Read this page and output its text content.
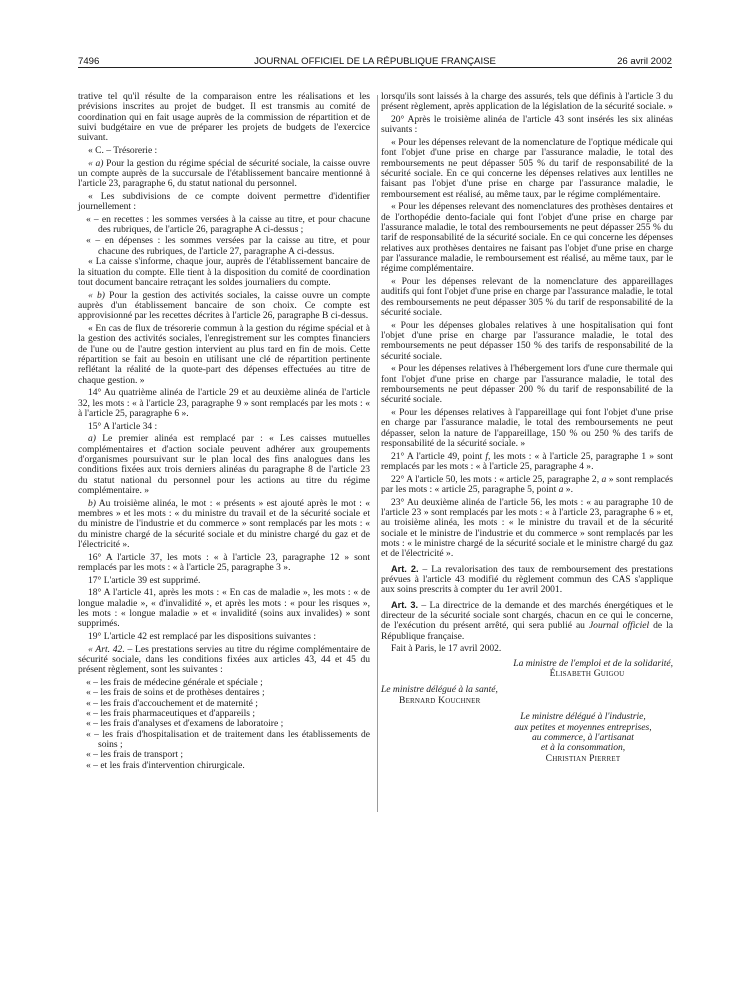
7496	JOURNAL OFFICIEL DE LA RÉPUBLIQUE FRANÇAISE	26 avril 2002

trative tel qu'il résulte de la comparaison entre les réalisations et les prévisions inscrites au projet de budget. Il est transmis au comité de coordination qui en fait usage auprès de la commission de répartition et de suivi budgétaire en vue de préparer les projets de budgets de l'exercice suivant.

« C. – Trésorerie :

« a) Pour la gestion du régime spécial de sécurité sociale, la caisse ouvre un compte auprès de la succursale de l'établissement bancaire mentionné à l'article 23, paragraphe 6, du statut national du personnel.

« Les subdivisions de ce compte doivent permettre d'identifier journellement :

« – en recettes : les sommes versées à la caisse au titre, et pour chacune des rubriques, de l'article 26, paragraphe A ci-dessus ;

« – en dépenses : les sommes versées par la caisse au titre, et pour chacune des rubriques, de l'article 27, paragraphe A ci-dessus.

« La caisse s'informe, chaque jour, auprès de l'établissement bancaire de la situation du compte. Elle tient à la disposition du comité de coordination tout document bancaire retraçant les soldes journaliers du compte.

« b) Pour la gestion des activités sociales, la caisse ouvre un compte auprès d'un établissement bancaire de son choix. Ce compte est approvisionné par les recettes décrites à l'article 26, paragraphe B ci-dessus.

« En cas de flux de trésorerie commun à la gestion du régime spécial et à la gestion des activités sociales, l'enregistrement sur les comptes financiers de l'une ou de l'autre gestion intervient au plus tard en fin de mois. Cette répartition se fait au besoin en utilisant une clé de répartition pertinente reflétant la réalité de la quote-part des dépenses effectuées au titre de chaque gestion. »

14° Au quatrième alinéa de l'article 29 et au deuxième alinéa de l'article 32, les mots : « à l'article 23, paragraphe 9 » sont remplacés par les mots : « à l'article 25, paragraphe 6 ».

15° A l'article 34 :

a) Le premier alinéa est remplacé par : « Les caisses mutuelles complémentaires et d'action sociale peuvent adhérer aux groupements d'organismes poursuivant sur le plan local des fins analogues dans les conditions fixées aux trois derniers alinéas du paragraphe 8 de l'article 23 du statut national du personnel pour les actions au titre du régime complémentaire. »

b) Au troisième alinéa, le mot : « présents » est ajouté après le mot : « membres » et les mots : « du ministre du travail et de la sécurité sociale et du ministre de l'industrie et du commerce » sont remplacés par les mots : « du ministre chargé de la sécurité sociale et du ministre chargé du gaz et de l'électricité ».

16° A l'article 37, les mots : « à l'article 23, paragraphe 12 » sont remplacés par les mots : « à l'article 25, paragraphe 3 ».

17° L'article 39 est supprimé.

18° A l'article 41, après les mots : « En cas de maladie », les mots : « de longue maladie », « d'invalidité », et après les mots : « pour les risques », les mots : « longue maladie » et « invalidité (soins aux invalides) » sont supprimés.

19° L'article 42 est remplacé par les dispositions suivantes :

« Art. 42. – Les prestations servies au titre du régime complémentaire de sécurité sociale, dans les conditions fixées aux articles 43, 44 et 45 du présent règlement, sont les suivantes :

« – les frais de médecine générale et spéciale ;

« – les frais de soins et de prothèses dentaires ;

« – les frais d'accouchement et de maternité ;

« – les frais pharmaceutiques et d'appareils ;

« – les frais d'analyses et d'examens de laboratoire ;

« – les frais d'hospitalisation et de traitement dans les établissements de soins ;

« – les frais de transport ;

« – et les frais d'intervention chirurgicale.

lorsqu'ils sont laissés à la charge des assurés, tels que définis à l'article 3 du présent règlement, après application de la législation de la sécurité sociale. »

20° Après le troisième alinéa de l'article 43 sont insérés les six alinéas suivants :

« Pour les dépenses relevant de la nomenclature de l'optique médicale qui font l'objet d'une prise en charge par l'assurance maladie, le total des remboursements ne peut dépasser 505 % du tarif de responsabilité de la sécurité sociale. En ce qui concerne les dépenses relatives aux lentilles ne faisant pas l'objet d'une prise en charge par l'assurance maladie, le remboursement est réalisé, au même taux, par le régime complémentaire.

« Pour les dépenses relevant des nomenclatures des prothèses dentaires et de l'orthopédie dento-faciale qui font l'objet d'une prise en charge par l'assurance maladie, le total des remboursements ne peut dépasser 255 % du tarif de responsabilité de la sécurité sociale. En ce qui concerne les dépenses relatives aux prothèses dentaires ne faisant pas l'objet d'une prise en charge par l'assurance maladie, le remboursement est réalisé, au même taux, par le régime complémentaire.

« Pour les dépenses relevant de la nomenclature des appareillages auditifs qui font l'objet d'une prise en charge par l'assurance maladie, le total des remboursements ne peut dépasser 305 % du tarif de responsabilité de la sécurité sociale.

« Pour les dépenses globales relatives à une hospitalisation qui font l'objet d'une prise en charge par l'assurance maladie, le total des remboursements ne peut dépasser 150 % des tarifs de responsabilité de la sécurité sociale.

« Pour les dépenses relatives à l'hébergement lors d'une cure thermale qui font l'objet d'une prise en charge par l'assurance maladie, le total des remboursements ne peut dépasser 200 % du tarif de responsabilité de la sécurité sociale.

« Pour les dépenses relatives à l'appareillage qui font l'objet d'une prise en charge par l'assurance maladie, le total des remboursements ne peut dépasser, selon la nature de l'appareillage, 150 % ou 250 % des tarifs de responsabilité de la sécurité sociale. »

21° A l'article 49, point f, les mots : « à l'article 25, paragraphe 1 » sont remplacés par les mots : « à l'article 25, paragraphe 4 ».

22° A l'article 50, les mots : « article 25, paragraphe 2, a » sont remplacés par les mots : « article 25, paragraphe 5, point a ».

23° Au deuxième alinéa de l'article 56, les mots : « au paragraphe 10 de l'article 23 » sont remplacés par les mots : « à l'article 23, paragraphe 6 » et, au troisième alinéa, les mots : « le ministre du travail et de la sécurité sociale et le ministre de l'industrie et du commerce » sont remplacés par les mots : « le ministre chargé de la sécurité sociale et le ministre chargé du gaz et de l'électricité ».

Art. 2. – La revalorisation des taux de remboursement des prestations prévues à l'article 43 modifié du règlement commun des CAS s'applique aux soins prescrits à compter du 1er avril 2001.

Art. 3. – La directrice de la demande et des marchés énergétiques et le directeur de la sécurité sociale sont chargés, chacun en ce qui le concerne, de l'exécution du présent arrêté, qui sera publié au Journal officiel de la République française.

Fait à Paris, le 17 avril 2002.

La ministre de l'emploi et de la solidarité,
Élisabeth Guigou
Le ministre délégué à la santé,
Bernard Kouchner
Le ministre délégué à l'industrie,
aux petites et moyennes entreprises,
au commerce, à l'artisanat
et à la consommation,
Christian Pierret
